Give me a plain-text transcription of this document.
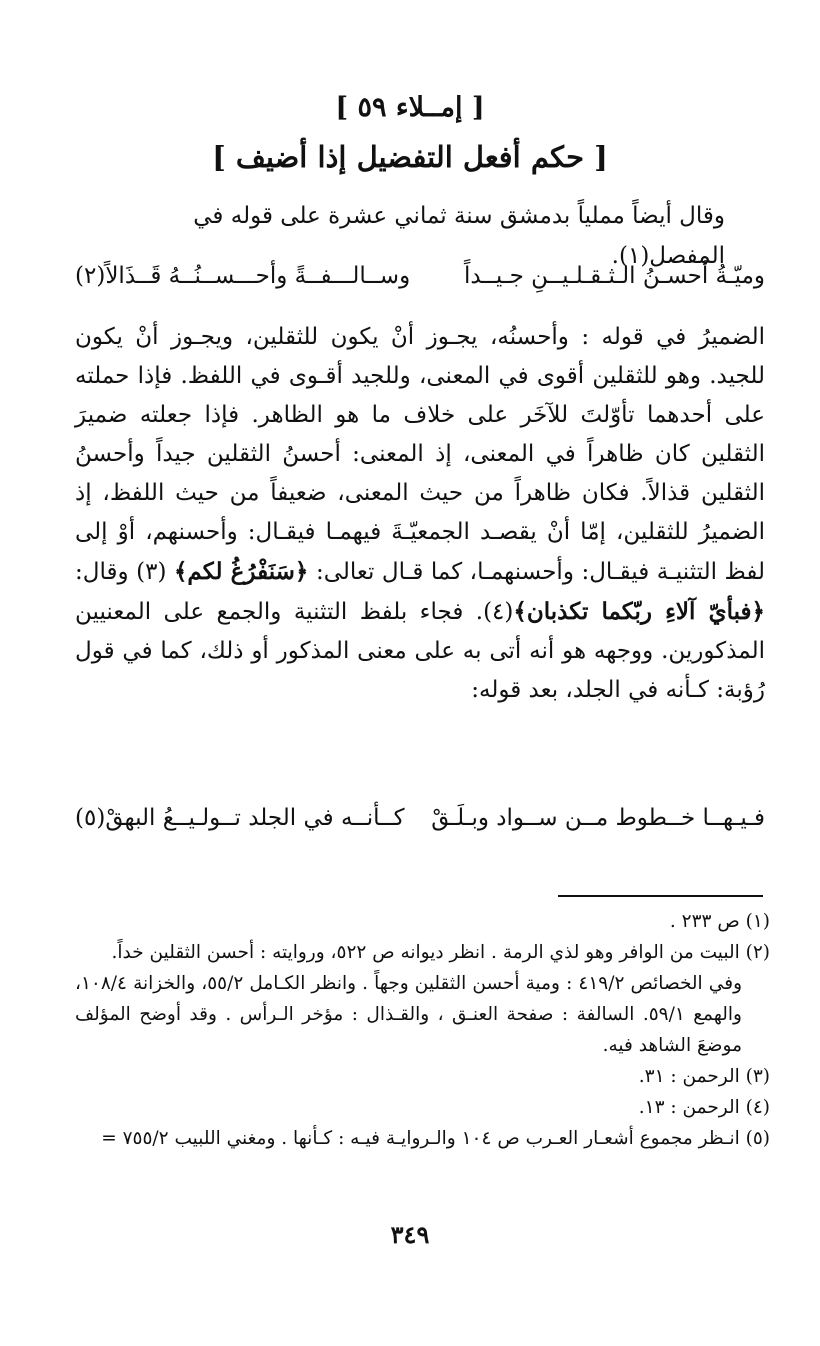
[ إمــلاء ٥٩ ]
[ حكم أفعل التفضيل إذا أضيف ]
وقال أيضاً مملياً بدمشق سنة ثماني عشرة على قوله في المفصل(١).
وميّـةُ أحسـنُ الـثـقـلـيــنِ جـيــداً
وســالـــفــةً وأحـــســنُــهُ قَــذَالاً(٢)

الضميرُ في قوله : وأحسنُه، يجـوز أنْ يكون للثقلين، ويجـوز أنْ يكون للجيد. وهو للثقلين أقوى في المعنى، وللجيد أقـوى في اللفظ. فإذا حملته على أحدهما تأوّلتَ للآخَر على خلاف ما هو الظاهر. فإذا جعلته ضميرَ الثقلين كان ظاهراً في المعنى، إذ المعنى: أحسنُ الثقلين جيداً وأحسنُ الثقلين قذالاً. فكان ظاهراً من حيث المعنى، ضعيفاً من حيث اللفظ، إذ الضميرُ للثقلين، إمّا أنْ يقصـد الجمعيّـةَ فيهمـا فيقـال: وأحسنهم، أوْ إلى لفظ التثنيـة فيقـال: وأحسنهمـا، كما قـال تعالى: ﴿سَنَفْرُغُ لكم﴾ (٣) وقال: ﴿فبأيّ آلاءِ ربّكما تكذبان﴾(٤). فجاء بلفظ التثنية والجمع على المعنيين المذكورين. ووجهه هو أنه أتى به على معنى المذكور أو ذلك، كما في قول رُؤبة: كـأنه في الجلد، بعد قوله:

فـيـهــا خــطوط مــن ســواد وبـلَـقْ
كــأنــه في الجلد تــولـيــعُ البهقْ(٥)

(١) ص ٢٣٣ .

(٢) البيت من الوافر وهو لذي الرمة . انظر ديوانه ص ٥٢٢، وروايته : أحسن الثقلين خداً.

وفي الخصائص ٤١٩/٢ : ومية أحسن الثقلين وجهاً . وانظر الكـامل ٥٥/٢، والخزانة ١٠٨/٤، والهمع ٥٩/١. السالفة : صفحة العنـق ، والقـذال : مؤخر الـرأس . وقد أوضح المؤلف موضعَ الشاهد فيه.

(٣) الرحمن : ٣١.

(٤) الرحمن : ١٣.

(٥) انـظر مجموع أشعـار العـرب ص ١٠٤ والـروايـة فيـه : كـأنها . ومغني اللبيب ٧٥٥/٢ =

٣٤٩
